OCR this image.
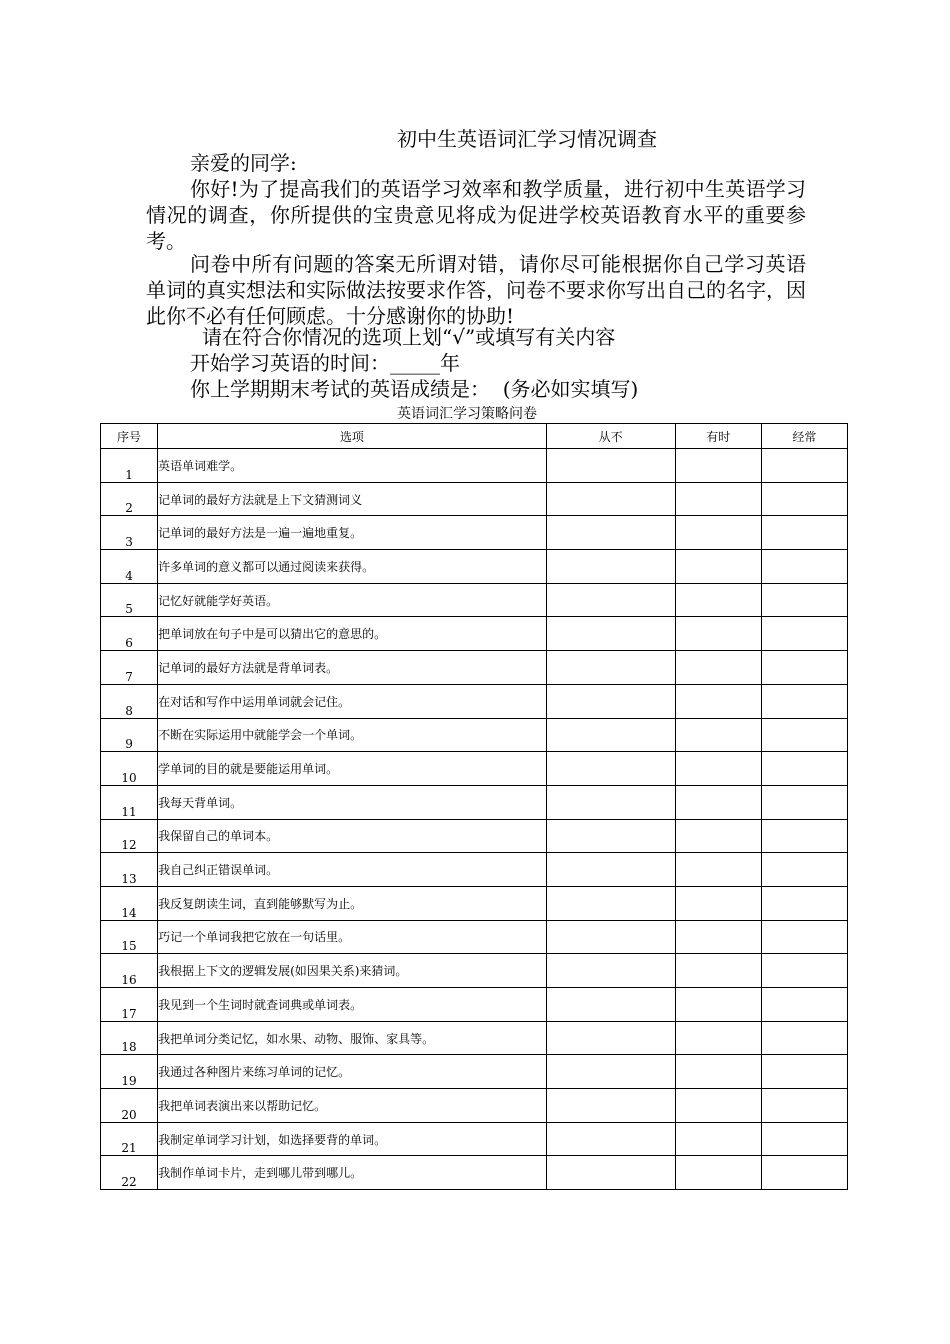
初中生英语词汇学习情况调查
亲爱的同学:
你好!为了提高我们的英语学习效率和教学质量，进行初中生英语学习情况的调查，你所提供的宝贵意见将成为促进学校英语教育水平的重要参考。
问卷中所有问题的答案无所谓对错，请你尽可能根据你自己学习英语单词的真实想法和实际做法按要求作答，问卷不要求你写出自己的名字，因此你不必有任何顾虑。十分感谢你的协助!
请在符合你情况的选项上划“√”或填写有关内容
开始学习英语的时间：_____年
你上学期期末考试的英语成绩是：  (务必如实填写)
英语词汇学习策略问卷
序号	选项	从不	有时	经常
1	英语单词难学。			
2	记单词的最好方法就是上下文猜测词义			
3	记单词的最好方法是一遍一遍地重复。			
4	许多单词的意义都可以通过阅读来获得。			
5	记忆好就能学好英语。			
6	把单词放在句子中是可以猜出它的意思的。			
7	记单词的最好方法就是背单词表。			
8	在对话和写作中运用单词就会记住。			
9	不断在实际运用中就能学会一个单词。			
10	学单词的目的就是要能运用单词。			
11	我每天背单词。			
12	我保留自己的单词本。			
13	我自己纠正错误单词。			
14	我反复朗读生词，直到能够默写为止。			
15	巧记一个单词我把它放在一句话里。			
16	我根据上下文的逻辑发展(如因果关系)来猜词。			
17	我见到一个生词时就查词典或单词表。			
18	我把单词分类记忆，如水果、动物、服饰、家具等。			
19	我通过各种图片来练习单词的记忆。			
20	我把单词表演出来以帮助记忆。			
21	我制定单词学习计划，如选择要背的单词。			
22	我制作单词卡片，走到哪儿带到哪儿。			
